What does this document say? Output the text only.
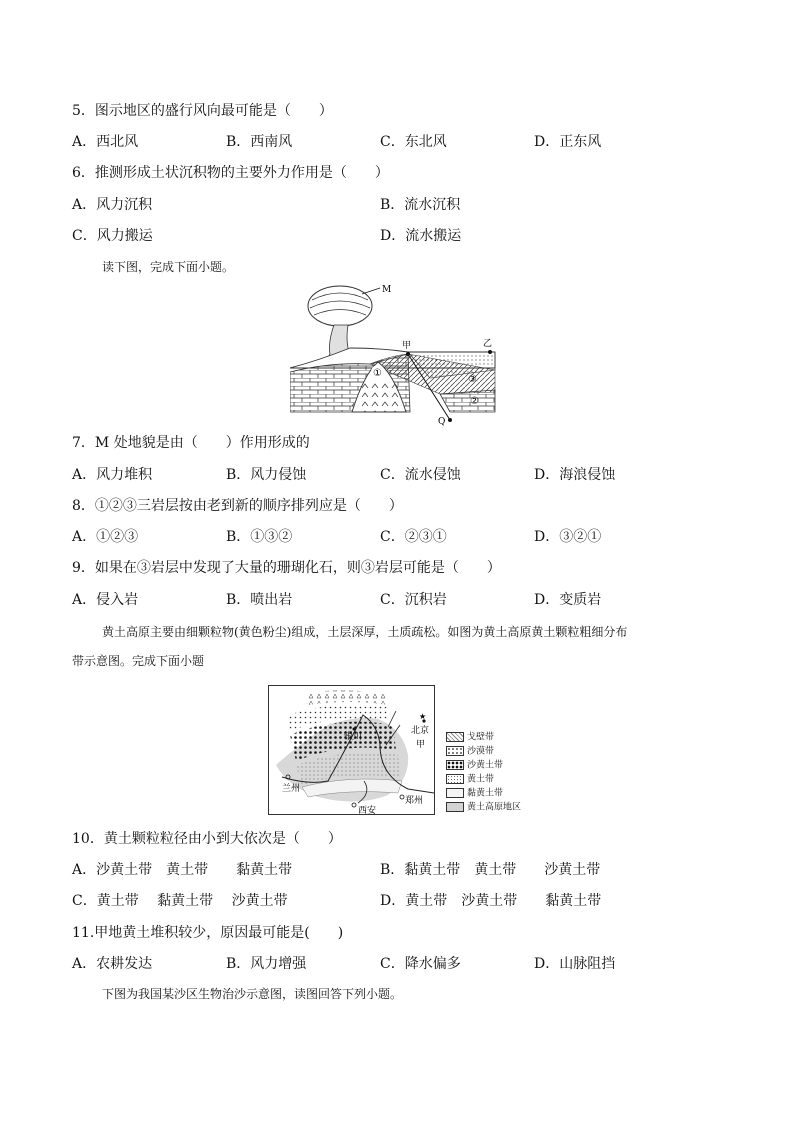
5．图示地区的盛行风向最可能是（　　）
A．西北风	B．西南风	C．东北风	D．正东风
6．推测形成土状沉积物的主要外力作用是（　　）
A．风力沉积	B．流水沉积
C．风力搬运	D．流水搬运
读下图，完成下面小题。
M
甲	乙
Q
①
②
③
7．M 处地貌是由（　　）作用形成的
A．风力堆积	B．风力侵蚀	C．流水侵蚀	D．海浪侵蚀
8．①②③三岩层按由老到新的顺序排列应是（　　）
A．①②③	B．①③②	C．②③①	D．③②①
9．如果在③岩层中发现了大量的珊瑚化石，则③岩层可能是（　　）
A．侵入岩	B．喷出岩	C．沉积岩	D．变质岩
黄土高原主要由细颗粒物(黄色粉尘)组成，土层深厚，土质疏松。如图为黄土高原黄土颗粒粗细分布
带示意图。完成下面小题
★
北京
银川
甲
兰州
西安
郑州
戈壁带
沙漠带
沙黄土带
黄土带
黏黄土带
黄土高原地区
10．黄土颗粒粒径由小到大依次是（　　）
A．沙黄土带　黄土带　　黏黄土带	B．黏黄土带　黄土带　　沙黄土带
C．黄土带　 黏黄土带　 沙黄土带	D．黄土带　沙黄土带　　黏黄土带
11.甲地黄土堆积较少，原因最可能是(　　)
A．农耕发达	B．风力增强	C．降水偏多	D．山脉阻挡
下图为我国某沙区生物治沙示意图，读图回答下列小题。
